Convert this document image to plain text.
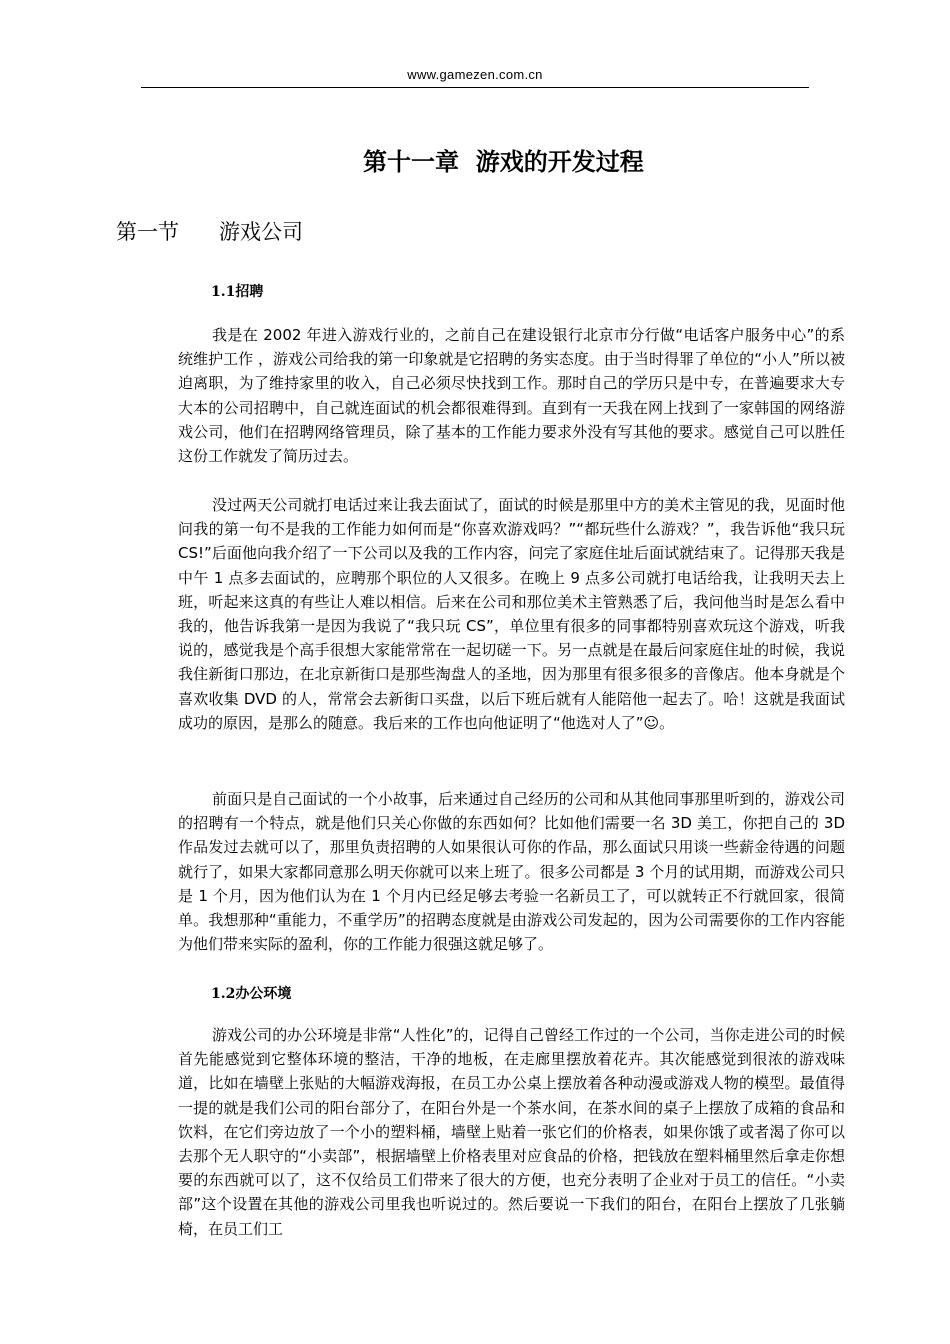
www.gamezen.com.cn
第十一章  游戏的开发过程
第一节      游戏公司
1.1招聘

我是在 2002 年进入游戏行业的，之前自己在建设银行北京市分行做“电话客户服务中心”的系统维护工作 ，游戏公司给我的第一印象就是它招聘的务实态度。由于当时得罪了单位的“小人”所以被迫离职，为了维持家里的收入，自己必须尽快找到工作。那时自己的学历只是中专，在普遍要求大专大本的公司招聘中，自己就连面试的机会都很难得到。直到有一天我在网上找到了一家韩国的网络游戏公司，他们在招聘网络管理员，除了基本的工作能力要求外没有写其他的要求。感觉自己可以胜任这份工作就发了简历过去。

没过两天公司就打电话过来让我去面试了，面试的时候是那里中方的美术主管见的我，见面时他问我的第一句不是我的工作能力如何而是“你喜欢游戏吗？”“都玩些什么游戏？”，我告诉他“我只玩 CS!”后面他向我介绍了一下公司以及我的工作内容，问完了家庭住址后面试就结束了。记得那天我是中午 1 点多去面试的，应聘那个职位的人又很多。在晚上 9 点多公司就打电话给我，让我明天去上班，听起来这真的有些让人难以相信。后来在公司和那位美术主管熟悉了后，我问他当时是怎么看中我的，他告诉我第一是因为我说了“我只玩 CS”，单位里有很多的同事都特别喜欢玩这个游戏，听我说的，感觉我是个高手很想大家能常常在一起切磋一下。另一点就是在最后问家庭住址的时候，我说我住新街口那边，在北京新街口是那些淘盘人的圣地，因为那里有很多很多的音像店。他本身就是个喜欢收集 DVD 的人，常常会去新街口买盘，以后下班后就有人能陪他一起去了。哈！这就是我面试成功的原因，是那么的随意。我后来的工作也向他证明了“他选对人了”☺。

前面只是自己面试的一个小故事，后来通过自己经历的公司和从其他同事那里听到的，游戏公司的招聘有一个特点，就是他们只关心你做的东西如何？比如他们需要一名 3D 美工，你把自己的 3D 作品发过去就可以了，那里负责招聘的人如果很认可你的作品，那么面试只用谈一些薪金待遇的问题就行了，如果大家都同意那么明天你就可以来上班了。很多公司都是 3 个月的试用期，而游戏公司只是 1 个月，因为他们认为在 1 个月内已经足够去考验一名新员工了，可以就转正不行就回家，很简单。我想那种“重能力，不重学历”的招聘态度就是由游戏公司发起的，因为公司需要你的工作内容能为他们带来实际的盈利，你的工作能力很强这就足够了。

1.2办公环境

游戏公司的办公环境是非常“人性化”的，记得自己曾经工作过的一个公司，当你走进公司的时候首先能感觉到它整体环境的整洁，干净的地板，在走廊里摆放着花卉。其次能感觉到很浓的游戏味道，比如在墙壁上张贴的大幅游戏海报，在员工办公桌上摆放着各种动漫或游戏人物的模型。最值得一提的就是我们公司的阳台部分了，在阳台外是一个茶水间，在茶水间的桌子上摆放了成箱的食品和饮料，在它们旁边放了一个小的塑料桶，墙壁上贴着一张它们的价格表，如果你饿了或者渴了你可以去那个无人职守的“小卖部”，根据墙壁上价格表里对应食品的价格，把钱放在塑料桶里然后拿走你想要的东西就可以了，这不仅给员工们带来了很大的方便，也充分表明了企业对于员工的信任。“小卖部”这个设置在其他的游戏公司里我也听说过的。然后要说一下我们的阳台，在阳台上摆放了几张躺椅，在员工们工
